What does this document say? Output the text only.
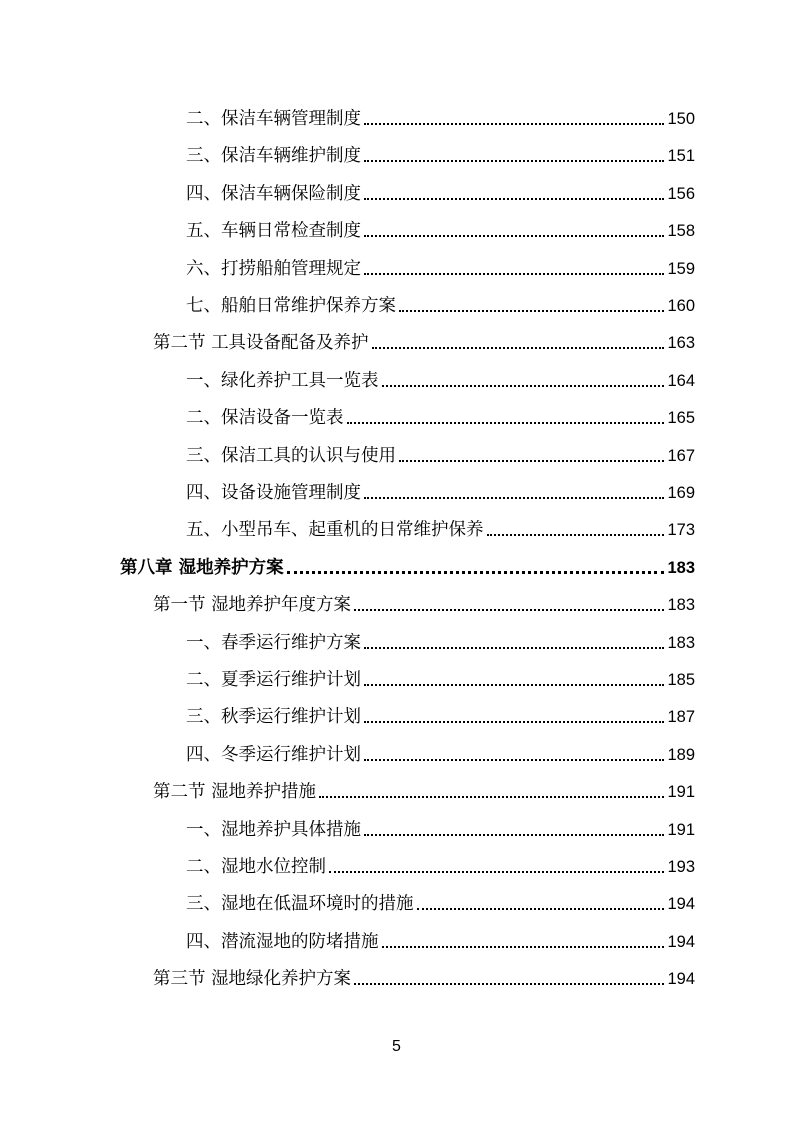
二、保洁车辆管理制度	150
三、保洁车辆维护制度	151
四、保洁车辆保险制度	156
五、车辆日常检查制度	158
六、打捞船舶管理规定	159
七、船舶日常维护保养方案	160
第二节 工具设备配备及养护	163
一、绿化养护工具一览表	164
二、保洁设备一览表	165
三、保洁工具的认识与使用	167
四、设备设施管理制度	169
五、小型吊车、起重机的日常维护保养	173
第八章 湿地养护方案	183
第一节 湿地养护年度方案	183
一、春季运行维护方案	183
二、夏季运行维护计划	185
三、秋季运行维护计划	187
四、冬季运行维护计划	189
第二节 湿地养护措施	191
一、湿地养护具体措施	191
二、湿地水位控制	193
三、湿地在低温环境时的措施	194
四、潜流湿地的防堵措施	194
第三节 湿地绿化养护方案	194
5
